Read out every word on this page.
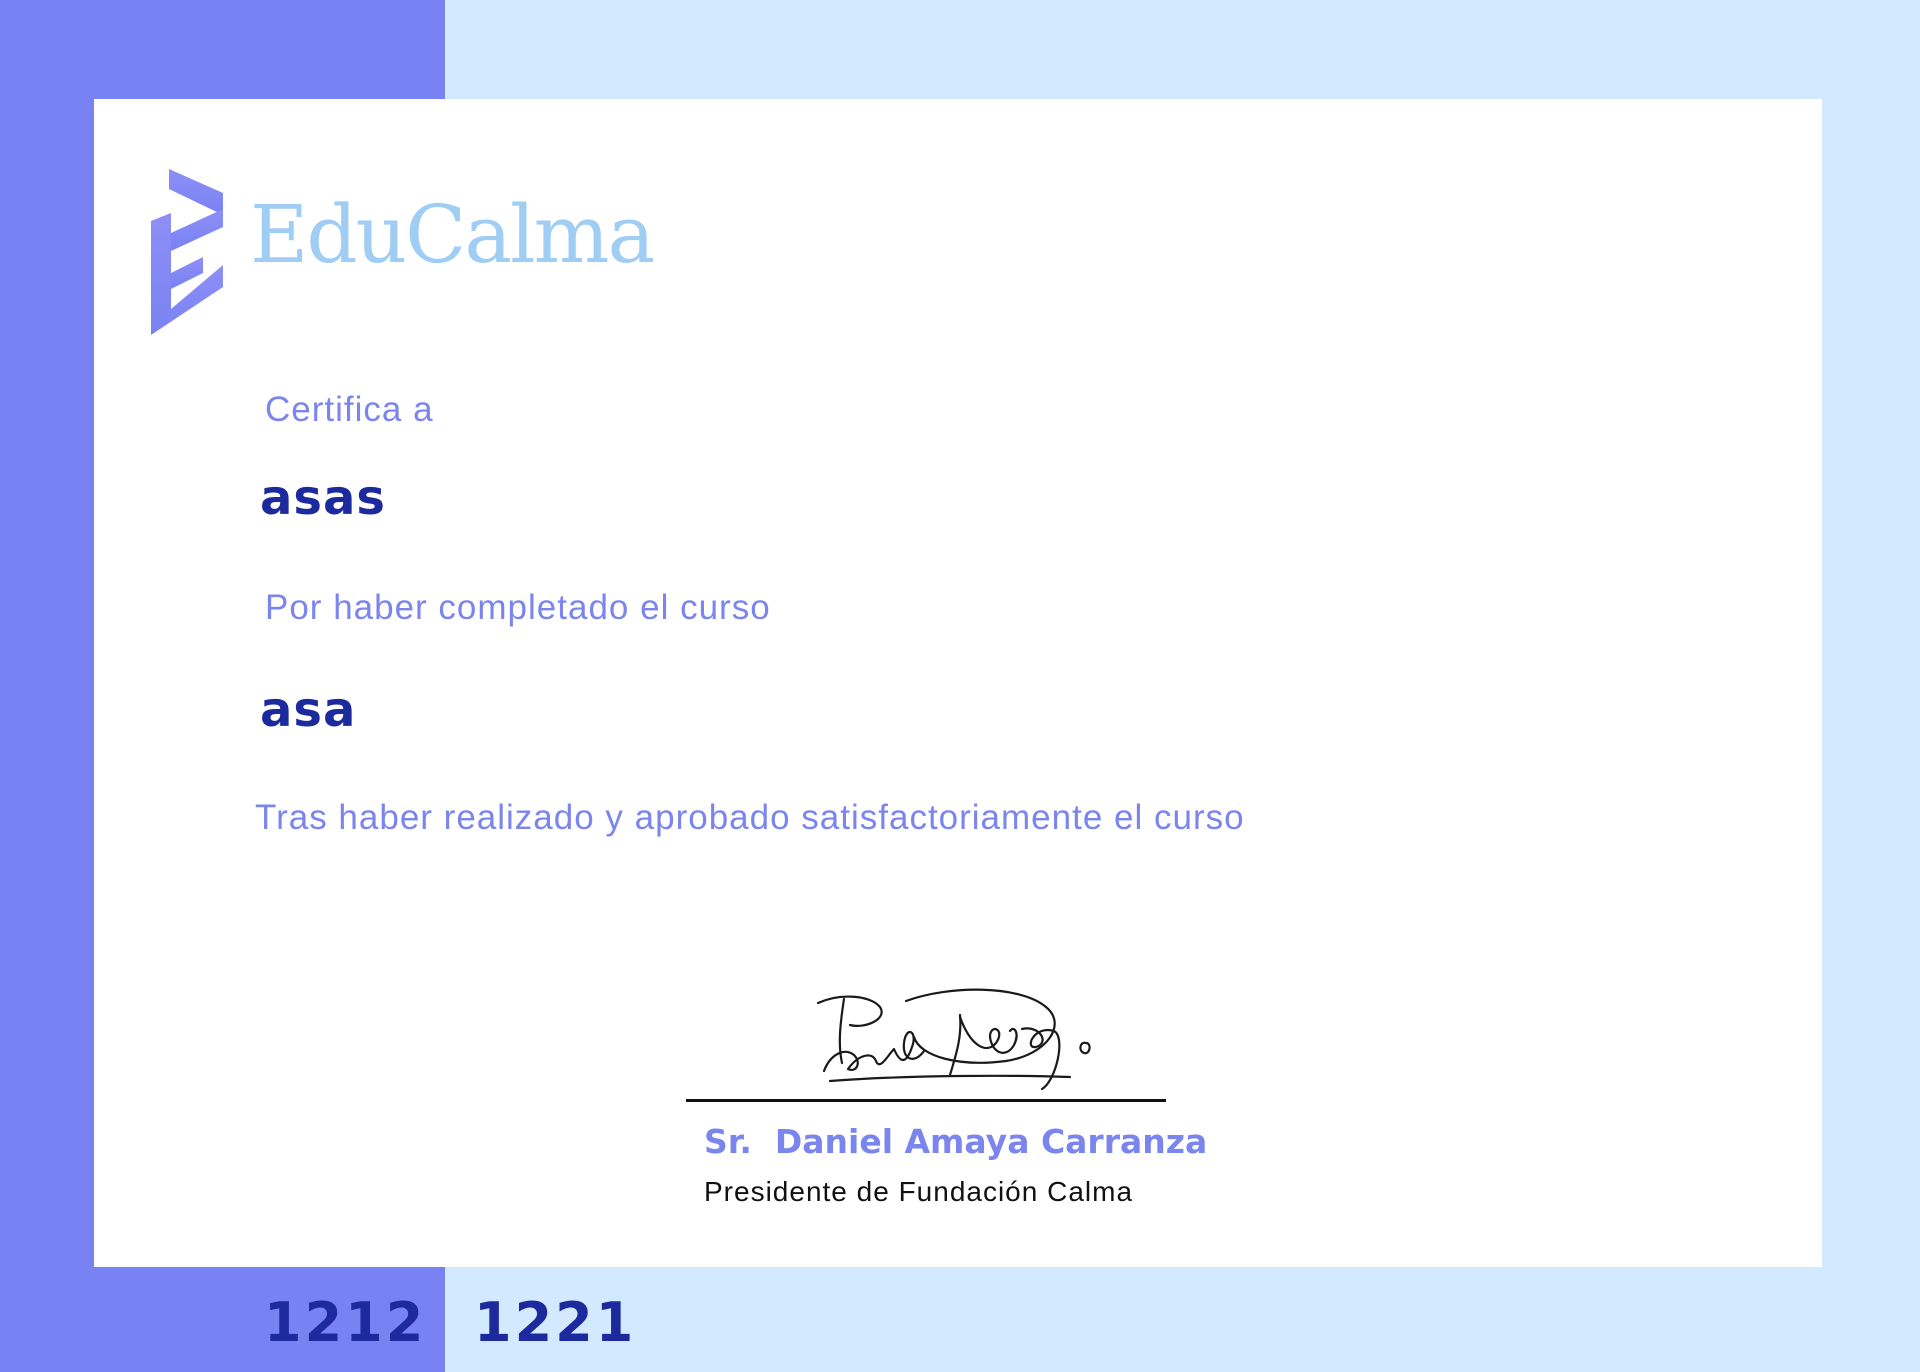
EduCalma
Certifica a
asas
Por haber completado el curso
asa
Tras haber realizado y aprobado satisfactoriamente el curso
Sr.  Daniel Amaya Carranza
Presidente de Fundación Calma
1212 1221
